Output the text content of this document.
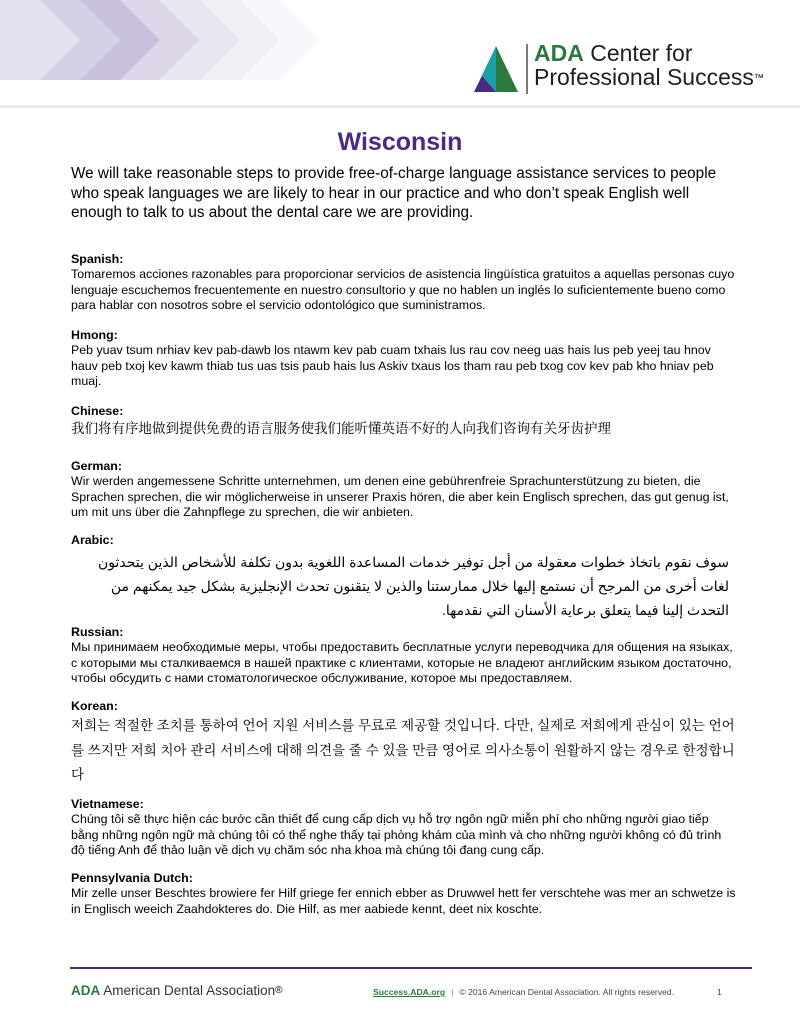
ADA Center for
Professional Success™
Wisconsin

We will take reasonable steps to provide free-of-charge language assistance services to people who speak languages we are likely to hear in our practice and who don’t speak English well enough to talk to us about the dental care we are providing.

Spanish:

Tomaremos acciones razonables para proporcionar servicios de asistencia lingüística gratuitos a aquellas personas cuyo lenguaje escuchemos frecuentemente en nuestro consultorio y que no hablen un inglés lo suficientemente bueno como para hablar con nosotros sobre el servicio odontológico que suministramos.

Hmong:

Peb yuav tsum nrhiav kev pab-dawb los ntawm kev pab cuam txhais lus rau cov neeg uas hais lus peb yeej tau hnov hauv peb txoj kev kawm thiab tus uas tsis paub hais lus Askiv txaus los tham rau peb txog cov kev pab kho hniav peb muaj.

Chinese:

我们将有序地做到提供免费的语言服务使我们能听懂英语不好的人向我们咨询有关牙齿护理

German:

Wir werden angemessene Schritte unternehmen, um denen eine gebührenfreie Sprachunterstützung zu bieten, die Sprachen sprechen, die wir möglicherweise in unserer Praxis hören, die aber kein Englisch sprechen, das gut genug ist, um mit uns über die Zahnpflege zu sprechen, die wir anbieten.

Arabic:

سوف نقوم باتخاذ خطوات معقولة من أجل توفير خدمات المساعدة اللغوية بدون تكلفة للأشخاص الذين يتحدثون لغات أخرى من المرجح أن نستمع إليها خلال ممارستنا والذين لا يتقنون تحدث الإنجليزية بشكل جيد يمكنهم من التحدث إلينا فيما يتعلق برعاية الأسنان التي نقدمها.

Russian:

Мы принимаем необходимые меры, чтобы предоставить бесплатные услуги переводчика для общения на языках, с которыми мы сталкиваемся в нашей практике с клиентами, которые не владеют английским языком достаточно, чтобы обсудить с нами стоматологическое обслуживание, которое мы предоставляем.

Korean:

저희는 적절한 조치를 통하여 언어 지원 서비스를 무료로 제공할 것입니다. 다만, 실제로 저희에게 관심이 있는 언어를 쓰지만 저희 치아 관리 서비스에 대해 의견을 줄 수 있을 만큼 영어로 의사소통이 원활하지 않는 경우로 한정합니다

Vietnamese:

Chúng tôi sẽ thực hiện các bước cần thiết để cung cấp dịch vụ hỗ trợ ngôn ngữ miễn phí cho những người giao tiếp bằng những ngôn ngữ mà chúng tôi có thể nghe thấy tại phòng khám của mình và cho những người không có đủ trình độ tiếng Anh để thảo luận về dịch vụ chăm sóc nha khoa mà chúng tôi đang cung cấp.

Pennsylvania Dutch:

Mir zelle unser Beschtes browiere fer Hilf griege fer ennich ebber as Druwwel hett fer verschtehe was mer an schwetze is in Englisch weeich Zaahdokteres do. Die Hilf, as mer aabiede kennt, deet nix koschte.

ADA American Dental Association®	Success.ADA.org | © 2016 American Dental Association. All rights reserved.	1
